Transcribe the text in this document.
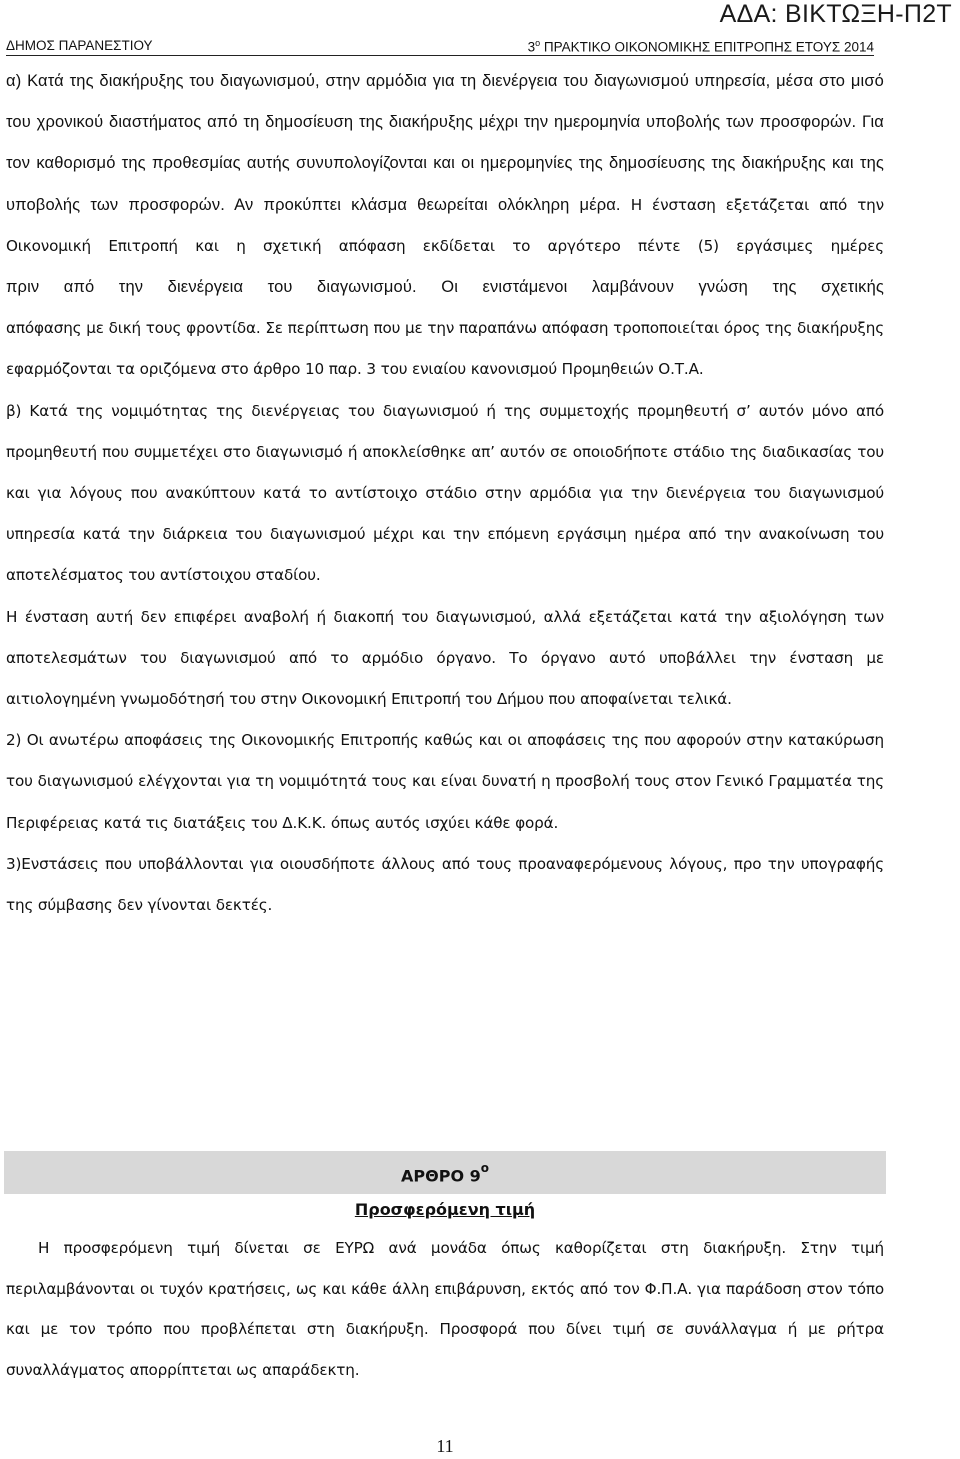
ΑΔΑ: ΒΙΚΤΩΞΗ-Π2Τ
ΔΗΜΟΣ ΠΑΡΑΝΕΣΤΙΟΥ	$3^o$ ΠΡΑΚΤΙΚΟ ΟΙΚΟΝΟΜΙΚΗΣ ΕΠΙΤΡΟΠΗΣ ΕΤΟΥΣ 2014

α) Κατά της διακήρυξης του διαγωνισμού, στην αρμόδια για τη διενέργεια του διαγωνισμού υπηρεσία, μέσα στο μισό του χρονικού διαστήματος από τη δημοσίευση της διακήρυξης μέχρι την ημερομηνία υποβολής των προσφορών. Για τον καθορισμό της προθεσμίας αυτής συνυπολογίζονται και οι ημερομηνίες της δημοσίευσης της διακήρυξης και της υποβολής των προσφορών. Αν προκύπτει κλάσμα θεωρείται ολόκληρη μέρα. Η ένσταση εξετάζεται από την Οικονομική Επιτροπή και η σχετική απόφαση εκδίδεται το αργότερο πέντε (5) εργάσιμες ημέρες

πριν από την διενέργεια του διαγωνισμού. Οι ενιστάμενοι λαμβάνουν γνώση της σχετικής

απόφασης με δική τους φροντίδα. Σε περίπτωση που με την παραπάνω απόφαση τροποποιείται όρος της διακήρυξης εφαρμόζονται τα οριζόμενα στο άρθρο 10 παρ. 3 του ενιαίου κανονισμού Προμηθειών Ο.Τ.Α.

β) Κατά της νομιμότητας της διενέργειας του διαγωνισμού ή της συμμετοχής προμηθευτή σ’ αυτόν μόνο από προμηθευτή που συμμετέχει στο διαγωνισμό ή αποκλείσθηκε απ’ αυτόν σε οποιοδήποτε στάδιο της διαδικασίας του και για λόγους που ανακύπτουν κατά το αντίστοιχο στάδιο στην αρμόδια για την διενέργεια του διαγωνισμού υπηρεσία κατά την διάρκεια του διαγωνισμού μέχρι και την επόμενη εργάσιμη ημέρα από την ανακοίνωση του αποτελέσματος του αντίστοιχου σταδίου.

Η ένσταση αυτή δεν επιφέρει αναβολή ή διακοπή του διαγωνισμού, αλλά εξετάζεται κατά την αξιολόγηση των αποτελεσμάτων του διαγωνισμού από το αρμόδιο όργανο. Το όργανο αυτό υποβάλλει την ένσταση με αιτιολογημένη γνωμοδότησή του στην Οικονομική Επιτροπή του Δήμου που αποφαίνεται τελικά.

2) Οι ανωτέρω αποφάσεις της Οικονομικής Επιτροπής καθώς και οι αποφάσεις της που αφορούν στην κατακύρωση του διαγωνισμού ελέγχονται για τη νομιμότητά τους και είναι δυνατή η προσβολή τους στον Γενικό Γραμματέα της Περιφέρειας κατά τις διατάξεις του Δ.Κ.Κ. όπως αυτός ισχύει κάθε φορά.

3)Ενστάσεις που υποβάλλονται για οιουσδήποτε άλλους από τους προαναφερόμενους λόγους, προ την υπογραφής της σύμβασης δεν γίνονται δεκτές.

ΑΡΘΡΟ $9^o$
Προσφερόμενη τιμή

Η προσφερόμενη τιμή δίνεται σε ΕΥΡΩ ανά μονάδα όπως καθορίζεται στη διακήρυξη. Στην τιμή περιλαμβάνονται οι τυχόν κρατήσεις, ως και κάθε άλλη επιβάρυνση, εκτός από τον Φ.Π.Α. για παράδοση στον τόπο και με τον τρόπο που προβλέπεται στη διακήρυξη. Προσφορά που δίνει τιμή σε συνάλλαγμα ή με ρήτρα συναλλάγματος απορρίπτεται ως απαράδεκτη.

11
